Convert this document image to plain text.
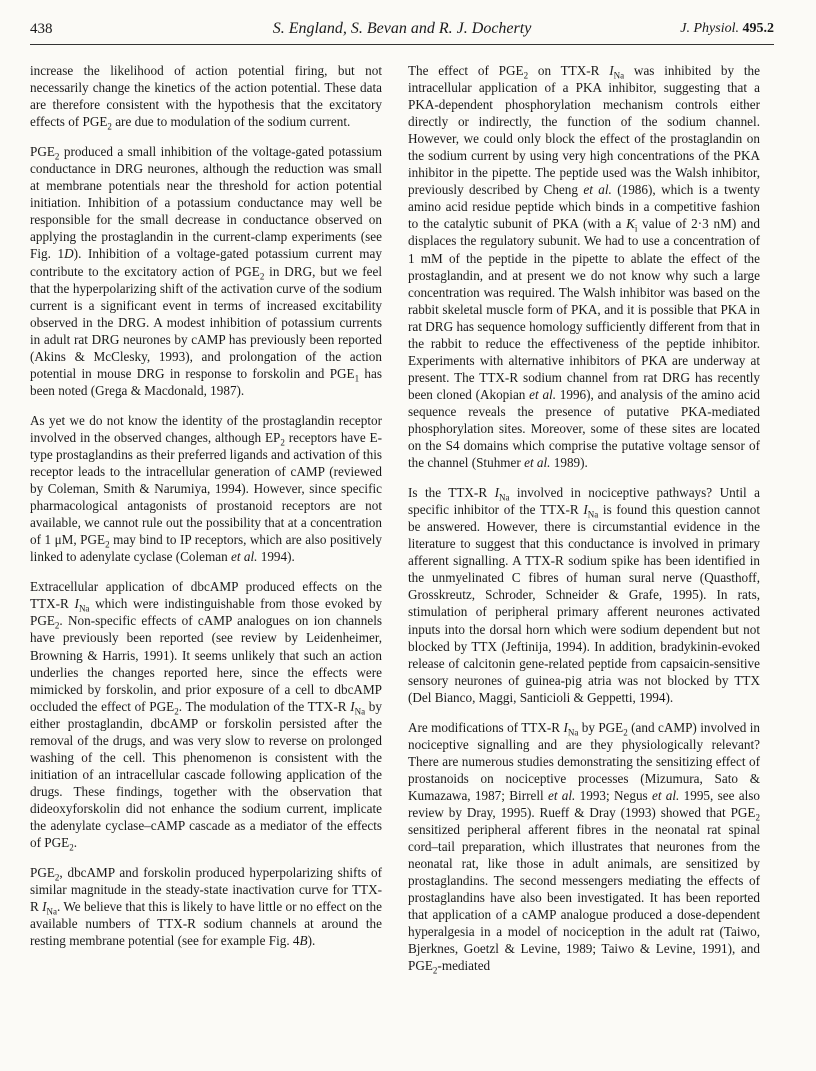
438	S. England, S. Bevan and R. J. Docherty	J. Physiol. 495.2

increase the likelihood of action potential firing, but not necessarily change the kinetics of the action potential. These data are therefore consistent with the hypothesis that the excitatory effects of $PGE_2$ are due to modulation of the sodium current.

$PGE_2$ produced a small inhibition of the voltage-gated potassium conductance in DRG neurones, although the reduction was small at membrane potentials near the threshold for action potential initiation. Inhibition of a potassium conductance may well be responsible for the small decrease in conductance observed on applying the prostaglandin in the current-clamp experiments (see Fig. 1D). Inhibition of a voltage-gated potassium current may contribute to the excitatory action of $PGE_2$ in DRG, but we feel that the hyperpolarizing shift of the activation curve of the sodium current is a significant event in terms of increased excitability observed in the DRG. A modest inhibition of potassium currents in adult rat DRG neurones by cAMP has previously been reported (Akins & McClesky, 1993), and prolongation of the action potential in mouse DRG in response to forskolin and $PGE_1$ has been noted (Grega & Macdonald, 1987).

As yet we do not know the identity of the prostaglandin receptor involved in the observed changes, although $EP_2$ receptors have E-type prostaglandins as their preferred ligands and activation of this receptor leads to the intracellular generation of cAMP (reviewed by Coleman, Smith & Narumiya, 1994). However, since specific pharmacological antagonists of prostanoid receptors are not available, we cannot rule out the possibility that at a concentration of 1 μM, $PGE_2$ may bind to IP receptors, which are also positively linked to adenylate cyclase (Coleman et al. 1994).

Extracellular application of dbcAMP produced effects on the TTX-R $I_{Na}$ which were indistinguishable from those evoked by $PGE_2$. Non-specific effects of cAMP analogues on ion channels have previously been reported (see review by Leidenheimer, Browning & Harris, 1991). It seems unlikely that such an action underlies the changes reported here, since the effects were mimicked by forskolin, and prior exposure of a cell to dbcAMP occluded the effect of $PGE_2$. The modulation of the TTX-R $I_{Na}$ by either prostaglandin, dbcAMP or forskolin persisted after the removal of the drugs, and was very slow to reverse on prolonged washing of the cell. This phenomenon is consistent with the initiation of an intracellular cascade following application of the drugs. These findings, together with the observation that dideoxyforskolin did not enhance the sodium current, implicate the adenylate cyclase–cAMP cascade as a mediator of the effects of $PGE_2$.

$PGE_2$, dbcAMP and forskolin produced hyperpolarizing shifts of similar magnitude in the steady-state inactivation curve for TTX-R $I_{Na}$. We believe that this is likely to have little or no effect on the available numbers of TTX-R sodium channels at around the resting membrane potential (see for example Fig. 4B).

The effect of $PGE_2$ on TTX-R $I_{Na}$ was inhibited by the intracellular application of a PKA inhibitor, suggesting that a PKA-dependent phosphorylation mechanism controls either directly or indirectly, the function of the sodium channel. However, we could only block the effect of the prostaglandin on the sodium current by using very high concentrations of the PKA inhibitor in the pipette. The peptide used was the Walsh inhibitor, previously described by Cheng et al. (1986), which is a twenty amino acid residue peptide which binds in a competitive fashion to the catalytic subunit of PKA (with a $K_i$ value of 2·3 nM) and displaces the regulatory subunit. We had to use a concentration of 1 mM of the peptide in the pipette to ablate the effect of the prostaglandin, and at present we do not know why such a large concentration was required. The Walsh inhibitor was based on the rabbit skeletal muscle form of PKA, and it is possible that PKA in rat DRG has sequence homology sufficiently different from that in the rabbit to reduce the effectiveness of the peptide inhibitor. Experiments with alternative inhibitors of PKA are underway at present. The TTX-R sodium channel from rat DRG has recently been cloned (Akopian et al. 1996), and analysis of the amino acid sequence reveals the presence of putative PKA-mediated phosphorylation sites. Moreover, some of these sites are located on the S4 domains which comprise the putative voltage sensor of the channel (Stuhmer et al. 1989).

Is the TTX-R $I_{Na}$ involved in nociceptive pathways? Until a specific inhibitor of the TTX-R $I_{Na}$ is found this question cannot be answered. However, there is circumstantial evidence in the literature to suggest that this conductance is involved in primary afferent signalling. A TTX-R sodium spike has been identified in the unmyelinated C fibres of human sural nerve (Quasthoff, Grosskreutz, Schroder, Schneider & Grafe, 1995). In rats, stimulation of peripheral primary afferent neurones activated inputs into the dorsal horn which were sodium dependent but not blocked by TTX (Jeftinija, 1994). In addition, bradykinin-evoked release of calcitonin gene-related peptide from capsaicin-sensitive sensory neurones of guinea-pig atria was not blocked by TTX (Del Bianco, Maggi, Santicioli & Geppetti, 1994).

Are modifications of TTX-R $I_{Na}$ by $PGE_2$ (and cAMP) involved in nociceptive signalling and are they physiologically relevant? There are numerous studies demonstrating the sensitizing effect of prostanoids on nociceptive processes (Mizumura, Sato & Kumazawa, 1987; Birrell et al. 1993; Negus et al. 1995, see also review by Dray, 1995). Rueff & Dray (1993) showed that $PGE_2$ sensitized peripheral afferent fibres in the neonatal rat spinal cord–tail preparation, which illustrates that neurones from the neonatal rat, like those in adult animals, are sensitized by prostaglandins. The second messengers mediating the effects of prostaglandins have also been investigated. It has been reported that application of a cAMP analogue produced a dose-dependent hyperalgesia in a model of nociception in the adult rat (Taiwo, Bjerknes, Goetzl & Levine, 1989; Taiwo & Levine, 1991), and $PGE_2$-mediated
